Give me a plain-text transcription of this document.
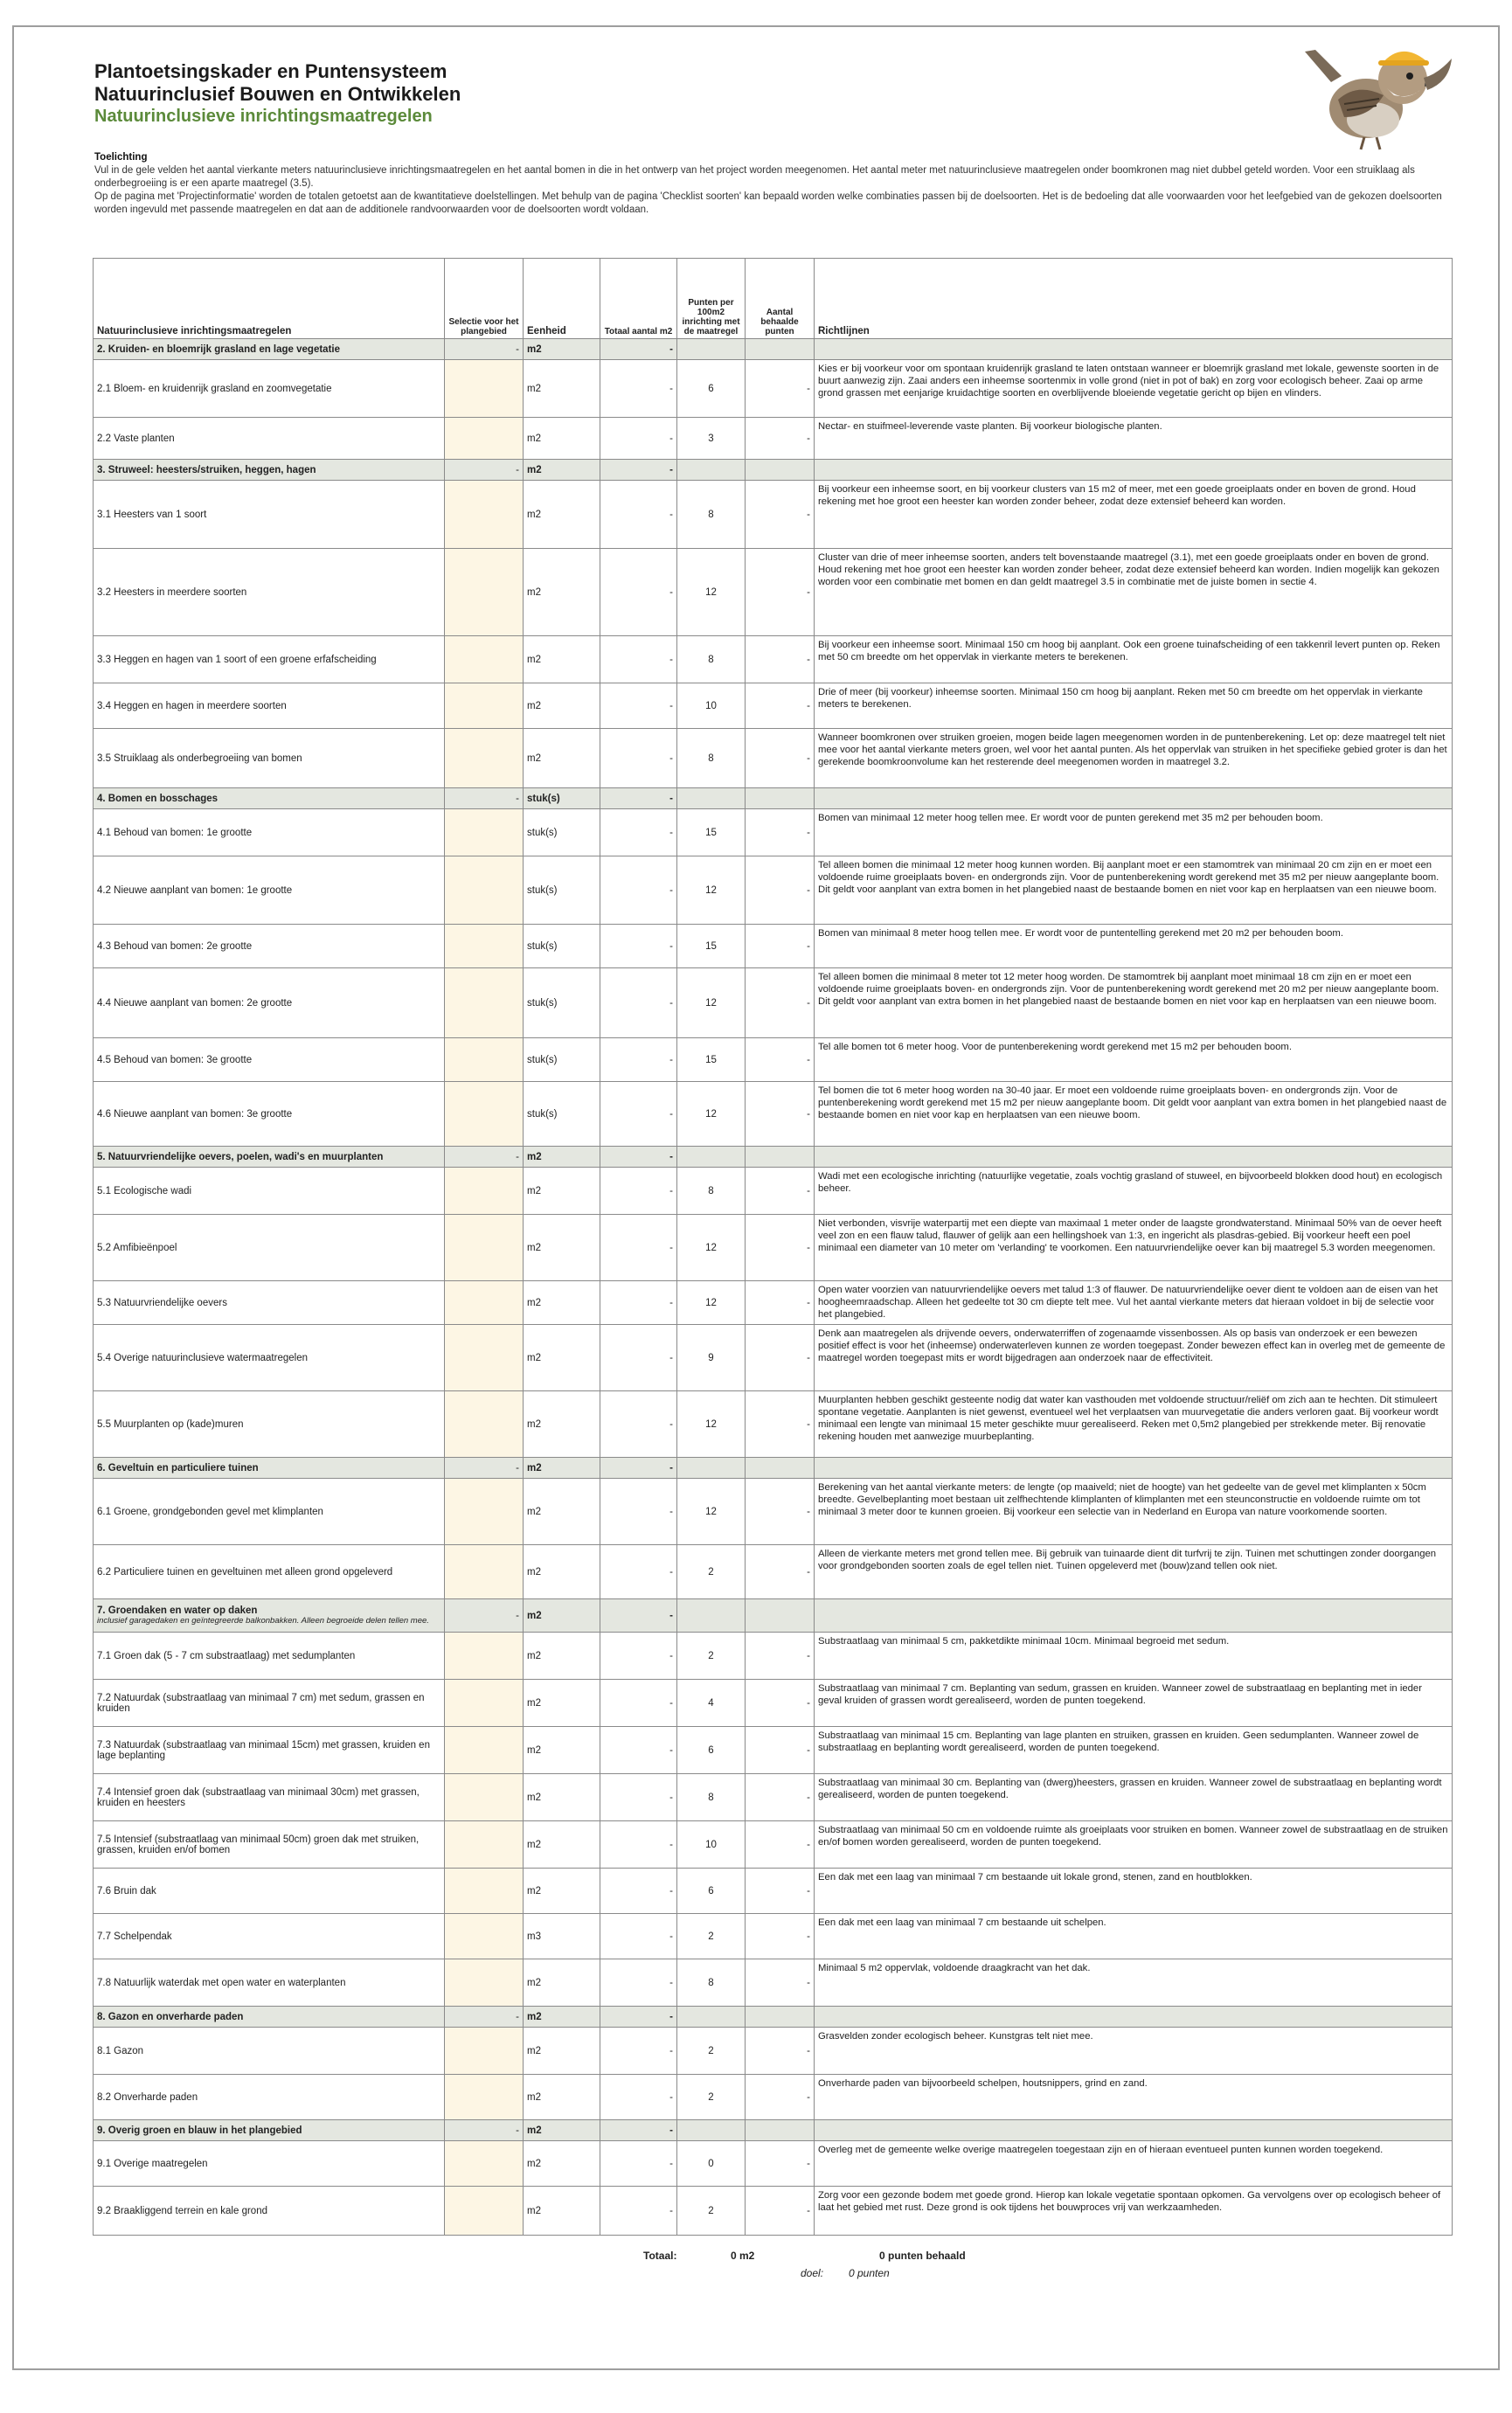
Plantoetsingskader en Puntensysteem
Natuurinclusief Bouwen en Ontwikkelen
Natuurinclusieve inrichtingsmaatregelen
Toelichting

Vul in de gele velden het aantal vierkante meters natuurinclusieve inrichtingsmaatregelen en het aantal bomen in die in het ontwerp van het project worden meegenomen. Het aantal meter met natuurinclusieve maatregelen onder boomkronen mag niet dubbel geteld worden. Voor een struiklaag als onderbegroeiing is er een aparte maatregel (3.5).

Op de pagina met 'Projectinformatie' worden de totalen getoetst aan de kwantitatieve doelstellingen. Met behulp van de pagina 'Checklist soorten' kan bepaald worden welke combinaties passen bij de doelsoorten. Het is de bedoeling dat alle voorwaarden voor het leefgebied van de gekozen doelsoorten worden ingevuld met passende maatregelen en dat aan de additionele randvoorwaarden voor de doelsoorten wordt voldaan.

Natuurinclusieve inrichtingsmaatregelen	Selectie voor het plangebied	Eenheid	Totaal aantal m2	Punten per 100m2 inrichting met de maatregel	Aantal behaalde punten	Richtlijnen
2. Kruiden- en bloemrijk grasland en lage vegetatie	-	m2	-			
2.1 Bloem- en kruidenrijk grasland en zoomvegetatie		m2	-	6	-	Kies er bij voorkeur voor om spontaan kruidenrijk grasland te laten ontstaan wanneer er bloemrijk grasland met lokale, gewenste soorten in de buurt aanwezig zijn. Zaai anders een inheemse soortenmix in volle grond (niet in pot of bak) en zorg voor ecologisch beheer. Zaai op arme grond grassen met eenjarige kruidachtige soorten en overblijvende bloeiende vegetatie gericht op bijen en vlinders.
2.2 Vaste planten		m2	-	3	-	Nectar- en stuifmeel-leverende vaste planten. Bij voorkeur biologische planten.
3. Struweel: heesters/struiken, heggen, hagen	-	m2	-			
3.1 Heesters van 1 soort		m2	-	8	-	Bij voorkeur een inheemse soort, en bij voorkeur clusters van 15 m2 of meer, met een goede groeiplaats onder en boven de grond. Houd rekening met hoe groot een heester kan worden zonder beheer, zodat deze extensief beheerd kan worden.
3.2 Heesters in meerdere soorten		m2	-	12	-	Cluster van drie of meer inheemse soorten, anders telt bovenstaande maatregel (3.1), met een goede groeiplaats onder en boven de grond. Houd rekening met hoe groot een heester kan worden zonder beheer, zodat deze extensief beheerd kan worden. Indien mogelijk kan gekozen worden voor een combinatie met bomen en dan geldt maatregel 3.5 in combinatie met de juiste bomen in sectie 4.
3.3 Heggen en hagen van 1 soort of een groene erfafscheiding		m2	-	8	-	Bij voorkeur een inheemse soort. Minimaal 150 cm hoog bij aanplant. Ook een groene tuinafscheiding of een takkenril levert punten op. Reken met 50 cm breedte om het oppervlak in vierkante meters te berekenen.
3.4 Heggen en hagen in meerdere soorten		m2	-	10	-	Drie of meer (bij voorkeur) inheemse soorten. Minimaal 150 cm hoog bij aanplant. Reken met 50 cm breedte om het oppervlak in vierkante meters te berekenen.
3.5 Struiklaag als onderbegroeiing van bomen		m2	-	8	-	Wanneer boomkronen over struiken groeien, mogen beide lagen meegenomen worden in de puntenberekening. Let op: deze maatregel telt niet mee voor het aantal vierkante meters groen, wel voor het aantal punten. Als het oppervlak van struiken in het specifieke gebied groter is dan het gerekende boomkroonvolume kan het resterende deel meegenomen worden in maatregel 3.2.
4. Bomen en bosschages	-	stuk(s)	-			
4.1 Behoud van bomen: 1e grootte		stuk(s)	-	15	-	Bomen van minimaal 12 meter hoog tellen mee. Er wordt voor de punten gerekend met 35 m2 per behouden boom.
4.2 Nieuwe aanplant van bomen: 1e grootte		stuk(s)	-	12	-	Tel alleen bomen die minimaal 12 meter hoog kunnen worden. Bij aanplant moet er een stamomtrek van minimaal 20 cm zijn en er moet een voldoende ruime groeiplaats boven- en ondergronds zijn. Voor de puntenberekening wordt gerekend met 35 m2 per nieuw aangeplante boom. Dit geldt voor aanplant van extra bomen in het plangebied naast de bestaande bomen en niet voor kap en herplaatsen van een nieuwe boom.
4.3 Behoud van bomen: 2e grootte		stuk(s)	-	15	-	Bomen van minimaal 8 meter hoog tellen mee. Er wordt voor de puntentelling gerekend met 20 m2 per behouden boom.
4.4 Nieuwe aanplant van bomen: 2e grootte		stuk(s)	-	12	-	Tel alleen bomen die minimaal 8 meter tot 12 meter hoog worden. De stamomtrek bij aanplant moet minimaal 18 cm zijn en er moet een voldoende ruime groeiplaats boven- en ondergronds zijn. Voor de puntenberekening wordt gerekend met 20 m2 per nieuw aangeplante boom. Dit geldt voor aanplant van extra bomen in het plangebied naast de bestaande bomen en niet voor kap en herplaatsen van een nieuwe boom.
4.5 Behoud van bomen: 3e grootte		stuk(s)	-	15	-	Tel alle bomen tot 6 meter hoog. Voor de puntenberekening wordt gerekend met 15 m2 per behouden boom.
4.6 Nieuwe aanplant van bomen: 3e grootte		stuk(s)	-	12	-	Tel bomen die tot 6 meter hoog worden na 30-40 jaar. Er moet een voldoende ruime groeiplaats boven- en ondergronds zijn. Voor de puntenberekening wordt gerekend met 15 m2 per nieuw aangeplante boom. Dit geldt voor aanplant van extra bomen in het plangebied naast de bestaande bomen en niet voor kap en herplaatsen van een nieuwe boom.
5. Natuurvriendelijke oevers, poelen, wadi's en muurplanten	-	m2	-			
5.1 Ecologische wadi		m2	-	8	-	Wadi met een ecologische inrichting (natuurlijke vegetatie, zoals vochtig grasland of stuweel, en bijvoorbeeld blokken dood hout) en ecologisch beheer.
5.2 Amfibieënpoel		m2	-	12	-	Niet verbonden, visvrije waterpartij met een diepte van maximaal 1 meter onder de laagste grondwaterstand. Minimaal 50% van de oever heeft veel zon en een flauw talud, flauwer of gelijk aan een hellingshoek van 1:3, en ingericht als plasdras-gebied. Bij voorkeur heeft een poel minimaal een diameter van 10 meter om 'verlanding' te voorkomen. Een natuurvriendelijke oever kan bij maatregel 5.3 worden meegenomen.
5.3 Natuurvriendelijke oevers		m2	-	12	-	Open water voorzien van natuurvriendelijke oevers met talud 1:3 of flauwer. De natuurvriendelijke oever dient te voldoen aan de eisen van het hoogheemraadschap. Alleen het gedeelte tot 30 cm diepte telt mee. Vul het aantal vierkante meters dat hieraan voldoet in bij de selectie voor het plangebied.
5.4 Overige natuurinclusieve watermaatregelen		m2	-	9	-	Denk aan maatregelen als drijvende oevers, onderwaterriffen of zogenaamde vissenbossen. Als op basis van onderzoek er een bewezen positief effect is voor het (inheemse) onderwaterleven kunnen ze worden toegepast. Zonder bewezen effect kan in overleg met de gemeente de maatregel worden toegepast mits er wordt bijgedragen aan onderzoek naar de effectiviteit.
5.5 Muurplanten op (kade)muren		m2	-	12	-	Muurplanten hebben geschikt gesteente nodig dat water kan vasthouden met voldoende structuur/reliëf om zich aan te hechten. Dit stimuleert spontane vegetatie. Aanplanten is niet gewenst, eventueel wel het verplaatsen van muurvegetatie die anders verloren gaat. Bij voorkeur wordt minimaal een lengte van minimaal 15 meter geschikte muur gerealiseerd. Reken met 0,5m2 plangebied per strekkende meter. Bij renovatie rekening houden met aanwezige muurbeplanting.
6. Geveltuin en particuliere tuinen	-	m2	-			
6.1 Groene, grondgebonden gevel met klimplanten		m2	-	12	-	Berekening van het aantal vierkante meters: de lengte (op maaiveld; niet de hoogte) van het gedeelte van de gevel met klimplanten x 50cm breedte. Gevelbeplanting moet bestaan uit zelfhechtende klimplanten of klimplanten met een steunconstructie en voldoende ruimte om tot minimaal 3 meter door te kunnen groeien. Bij voorkeur een selectie van in Nederland en Europa van nature voorkomende soorten.
6.2 Particuliere tuinen en geveltuinen met alleen grond opgeleverd		m2	-	2	-	Alleen de vierkante meters met grond tellen mee. Bij gebruik van tuinaarde dient dit turfvrij te zijn. Tuinen met schuttingen zonder doorgangen voor grondgebonden soorten zoals de egel tellen niet. Tuinen opgeleverd met (bouw)zand tellen ook niet.
7. Groendaken en water op daken
inclusief garagedaken en geïntegreerde balkonbakken. Alleen begroeide delen tellen mee.	-	m2	-			
7.1 Groen dak (5 - 7 cm substraatlaag) met sedumplanten		m2	-	2	-	Substraatlaag van minimaal 5 cm, pakketdikte minimaal 10cm. Minimaal begroeid met sedum.
7.2 Natuurdak (substraatlaag van minimaal 7 cm) met sedum, grassen en kruiden		m2	-	4	-	Substraatlaag van minimaal 7 cm. Beplanting van sedum, grassen en kruiden. Wanneer zowel de substraatlaag en beplanting met in ieder geval kruiden of grassen wordt gerealiseerd, worden de punten toegekend.
7.3 Natuurdak (substraatlaag van minimaal 15cm) met grassen, kruiden en lage beplanting		m2	-	6	-	Substraatlaag van minimaal 15 cm. Beplanting van lage planten en struiken, grassen en kruiden. Geen sedumplanten. Wanneer zowel de substraatlaag en beplanting wordt gerealiseerd, worden de punten toegekend.
7.4 Intensief groen dak (substraatlaag van minimaal 30cm) met grassen, kruiden en heesters		m2	-	8	-	Substraatlaag van minimaal 30 cm. Beplanting van (dwerg)heesters, grassen en kruiden. Wanneer zowel de substraatlaag en beplanting wordt gerealiseerd, worden de punten toegekend.
7.5 Intensief (substraatlaag van minimaal 50cm) groen dak met struiken, grassen, kruiden en/of bomen		m2	-	10	-	Substraatlaag van minimaal 50 cm en voldoende ruimte als groeiplaats voor struiken en bomen. Wanneer zowel de substraatlaag en de struiken en/of bomen worden gerealiseerd, worden de punten toegekend.
7.6 Bruin dak		m2	-	6	-	Een dak met een laag van minimaal 7 cm bestaande uit lokale grond, stenen, zand en houtblokken.
7.7 Schelpendak		m3	-	2	-	Een dak met een laag van minimaal 7 cm bestaande uit schelpen.
7.8 Natuurlijk waterdak met open water en waterplanten		m2	-	8	-	Minimaal 5 m2 oppervlak, voldoende draagkracht van het dak.
8. Gazon en onverharde paden	-	m2	-			
8.1 Gazon		m2	-	2	-	Grasvelden zonder ecologisch beheer. Kunstgras telt niet mee.
8.2 Onverharde paden		m2	-	2	-	Onverharde paden van bijvoorbeeld schelpen, houtsnippers, grind en zand.
9. Overig groen en blauw in het plangebied	-	m2	-			
9.1 Overige maatregelen		m2	-	0	-	Overleg met de gemeente welke overige maatregelen toegestaan zijn en of hieraan eventueel punten kunnen worden toegekend.
9.2 Braakliggend terrein en kale grond		m2	-	2	-	Zorg voor een gezonde bodem met goede grond. Hierop kan lokale vegetatie spontaan opkomen. Ga vervolgens over op ecologisch beheer of laat het gebied met rust. Deze grond is ook tijdens het bouwproces vrij van werkzaamheden.
Totaal:	0 m2	0 punten behaald
doel: 0 punten
